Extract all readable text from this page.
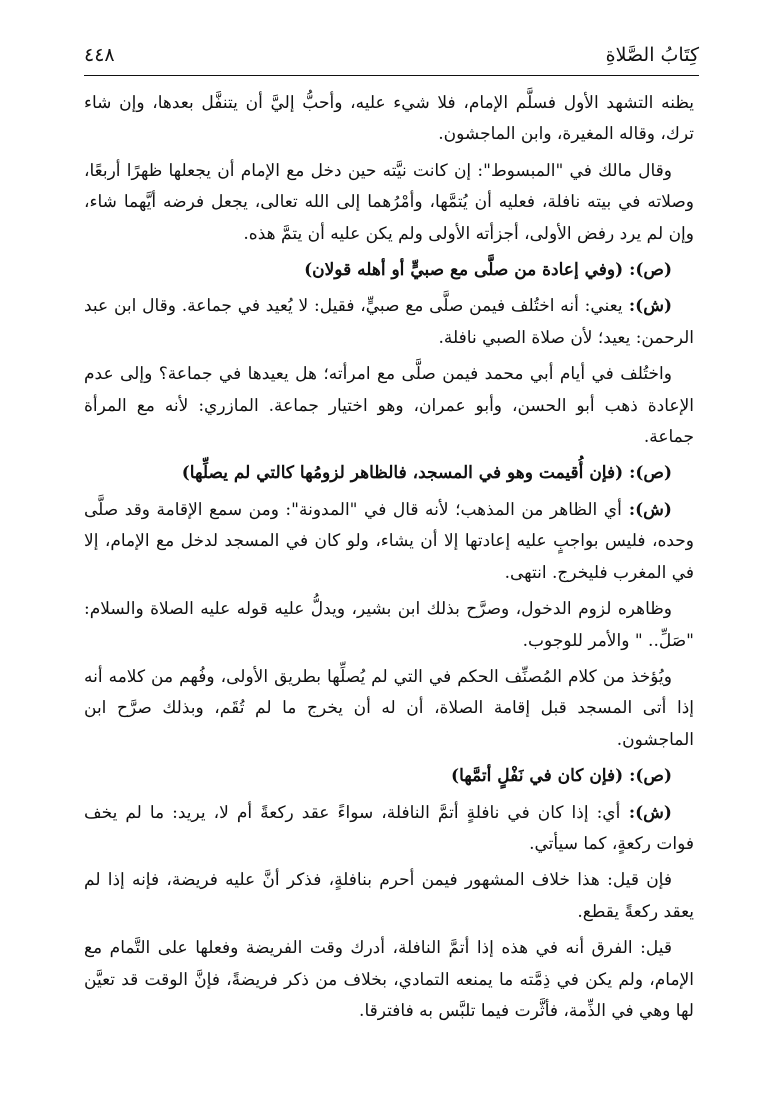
كِتَابُ الصَّلاةِ
٤٤٨

يظنه التشهد الأول فسلَّم الإمام، فلا شيء عليه، وأحبُّ إليَّ أن يتنفَّل بعدها، وإن شاء ترك، وقاله المغيرة، وابن الماجشون.

وقال مالك في "المبسوط": إن كانت نيَّته حين دخل مع الإمام أن يجعلها ظهرًا أربعًا، وصلاته في بيته نافلة، فعليه أن يُتمَّها، وأمْرُهما إلى الله تعالى، يجعل فرضه أيَّهما شاء، وإن لم يرد رفض الأولى، أجزأته الأولى ولم يكن عليه أن يتمَّ هذه.

(ص): (وفي إعادة من صلَّى مع صبيٍّ أو أهله قولان)

(ش): يعني: أنه اختُلف فيمن صلَّى مع صبيٍّ، فقيل: لا يُعيد في جماعة. وقال ابن عبد الرحمن: يعيد؛ لأن صلاة الصبي نافلة.

واختُلف في أيام أبي محمد فيمن صلَّى مع امرأته؛ هل يعيدها في جماعة؟ وإلى عدم الإعادة ذهب أبو الحسن، وأبو عمران، وهو اختيار جماعة. المازري: لأنه مع المرأة جماعة.

(ص): (فإن أُقيمت وهو في المسجد، فالظاهر لزومُها كالتي لم يصلِّها)

(ش): أي الظاهر من المذهب؛ لأنه قال في "المدونة": ومن سمع الإقامة وقد صلَّى وحده، فليس بواجبٍ عليه إعادتها إلا أن يشاء، ولو كان في المسجد لدخل مع الإمام، إلا في المغرب فليخرج. انتهى.

وظاهره لزوم الدخول، وصرَّح بذلك ابن بشير، ويدلُّ عليه قوله عليه الصلاة والسلام: "صَلِّ.. " والأمر للوجوب.

ويُؤخذ من كلام المُصنِّف الحكم في التي لم يُصلِّها بطريق الأولى، وفُهم من كلامه أنه إذا أتى المسجد قبل إقامة الصلاة، أن له أن يخرج ما لم تُقَم، وبذلك صرَّح ابن الماجشون.

(ص): (فإن كان في نَفْلٍ أتمَّها)

(ش): أي: إذا كان في نافلةٍ أتمَّ النافلة، سواءً عقد ركعةً أم لا، يريد: ما لم يخف فوات ركعةٍ، كما سيأتي.

فإن قيل: هذا خلاف المشهور فيمن أحرم بنافلةٍ، فذكر أنَّ عليه فريضة، فإنه إذا لم يعقد ركعةً يقطع.

قيل: الفرق أنه في هذه إذا أتمَّ النافلة، أدرك وقت الفريضة وفعلها على التَّمام مع الإمام، ولم يكن في ذِمَّته ما يمنعه التمادي، بخلاف من ذكر فريضةً، فإنَّ الوقت قد تعيَّن لها وهي في الذِّمة، فأثَّرت فيما تلبَّس به فافترقا.
